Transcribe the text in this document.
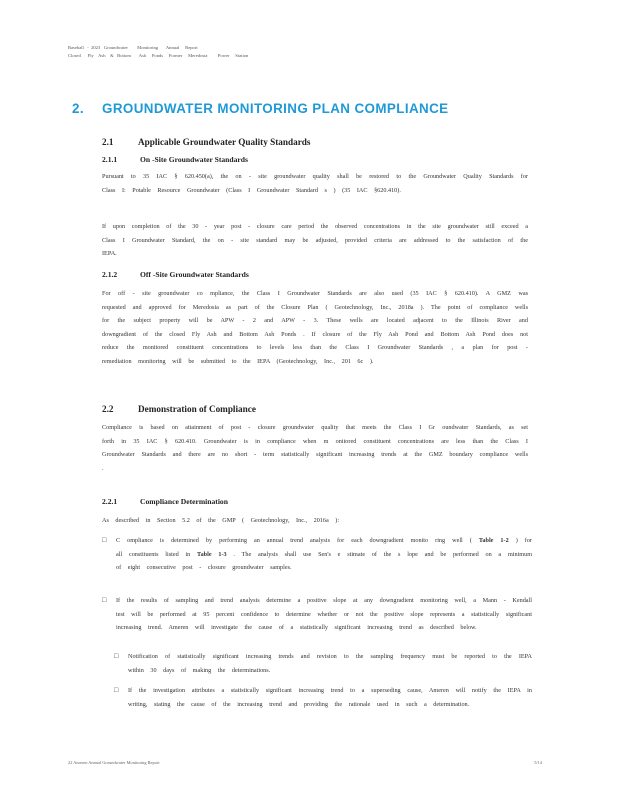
Baseball   -  2023   Groundwater        Monitoring       Annual     Report
Closed      Fly    Ash    &   Bottom       Ash     Ponds     Former     Meredosia         Power     Station
2. GROUNDWATER MONITORING PLAN COMPLIANCE
2.1	Applicable Groundwater Quality Standards
2.1.1	On -Site Groundwater Standards
Pursuant to 35 IAC § 620.450(a), the on - site groundwater quality shall be restored to the Groundwater Quality Standards for Class I: Potable Resource Groundwater (Class I Groundwater Standard s ) (35 IAC §620.410).
If upon completion of the 30 - year post - closure care period the observed concentrations in the site groundwater still exceed a Class I Groundwater Standard, the on - site standard may be adjusted, provided criteria are addressed to the satisfaction of the IEPA.
2.1.2	Off -Site Groundwater Standards
For off - site groundwater co mpliance, the Class I Groundwater Standards are also used (35 IAC § 620.410). A GMZ was requested and approved for Meredosia as part of the Closure Plan ( Geotechnology, Inc., 2018a ). The point of compliance wells for the subject property will be APW - 2 and APW - 3. These wells are located adjacent to the Illinois River and downgradient of the closed Fly Ash and Bottom Ash Ponds . If closure of the Fly Ash Pond and Bottom Ash Pond does not reduce the monitored constituent concentrations to levels less than the Class I Groundwater Standards , a plan for post - remediation monitoring will be submitted to the IEPA (Geotechnology, Inc., 201 6c ).
2.2	Demonstration of Compliance
Compliance is based on attainment of post - closure groundwater quality that meets the Class I Gr oundwater Standards, as set forth in 35 IAC § 620.410. Groundwater is in compliance when m onitored constituent concentrations are less than the Class I Groundwater Standards and there are no short - term statistically significant increasing trends at the GMZ boundary compliance wells .
2.2.1	Compliance Determination
As described in Section 5.2 of the GMP ( Geotechnology, Inc., 2016a ):
□ C ompliance is determined by performing an annual trend analysis for each downgradient monito ring well ( Table 1-2 ) for all constituents listed in Table 1-3 . The analysis shall use Sen's e stimate of the s lope and be performed on a minimum of eight consecutive post - closure groundwater samples.
□ If the results of sampling and trend analysis determine a positive slope at any downgradient monitoring well, a Mann - Kendall test will be performed at 95 percent confidence to determine whether or not the positive slope represents a statistically significant increasing trend. Ameren will investigate the cause of a statistically significant increasing trend as described below.
□ Notification of statistically significant increasing trends and revision to the sampling frequency must be reported to the IEPA within 30 days of making the determinations.
□ If the investigation attributes a statistically significant increasing trend to a superseding cause, Ameren will notify the IEPA in writing, stating the cause of the increasing trend and providing the rationale used in such a determination.
22 Ameren Annual Groundwater Monitoring Report	5/14
